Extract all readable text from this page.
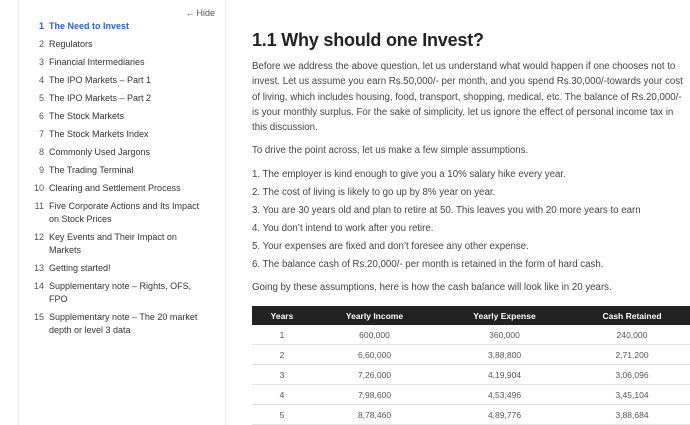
← Hide
1 The Need to Invest
2 Regulators
3 Financial Intermediaries
4 The IPO Markets – Part 1
5 The IPO Markets – Part 2
6 The Stock Markets
7 The Stock Markets Index
8 Commonly Used Jargons
9 The Trading Terminal
10 Clearing and Settlement Process
11 Five Corporate Actions and Its Impact on Stock Prices
12 Key Events and Their Impact on Markets
13 Getting started!
14 Supplementary note – Rights, OFS, FPO
15 Supplementary note – The 20 market depth or level 3 data
1.1 Why should one Invest?

Before we address the above question, let us understand what would happen if one chooses not to invest. Let us assume you earn Rs.50,000/- per month, and you spend Rs.30,000/-towards your cost of living, which includes housing, food, transport, shopping, medical, etc. The balance of Rs.20,000/- is your monthly surplus. For the sake of simplicity, let us ignore the effect of personal income tax in this discussion.

To drive the point across, let us make a few simple assumptions.

1. The employer is kind enough to give you a 10% salary hike every year.
2. The cost of living is likely to go up by 8% year on year.
3. You are 30 years old and plan to retire at 50. This leaves you with 20 more years to earn
4. You don’t intend to work after you retire.
5. Your expenses are fixed and don’t foresee any other expense.
6. The balance cash of Rs.20,000/- per month is retained in the form of hard cash.

Going by these assumptions, here is how the cash balance will look like in 20 years.

Years	Yearly Income	Yearly Expense	Cash Retained
1	600,000	360,000	240,000
2	6,60,000	3,88,800	2,71,200
3	7,26,000	4,19,904	3,06,096
4	7,98,600	4,53,496	3,45,104
5	8,78,460	4,89,776	3,88,684
